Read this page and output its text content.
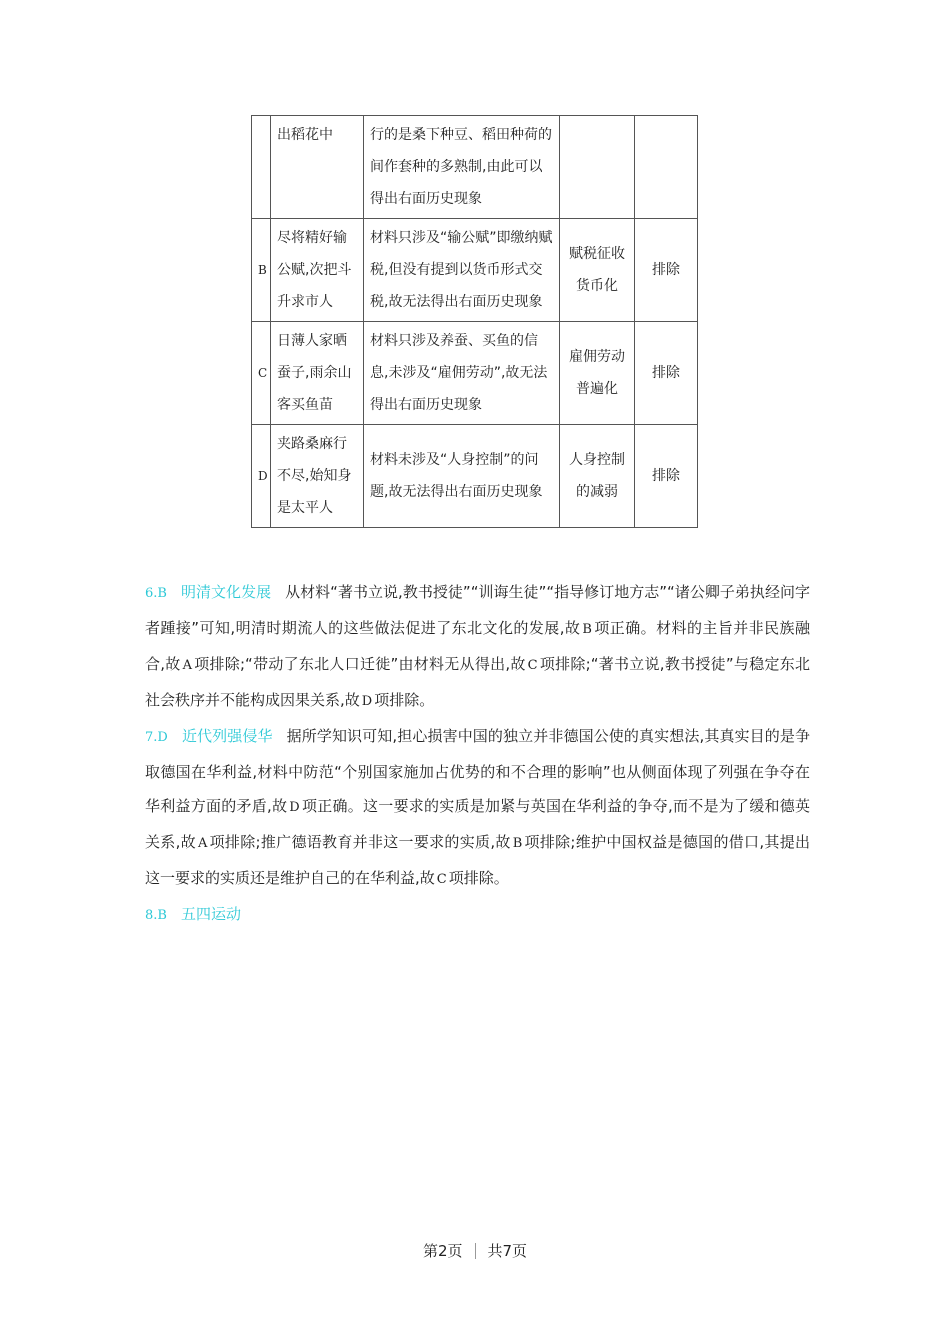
	出稻花中	行的是桑下种豆、稻田种荷的间作套种的多熟制,由此可以得出右面历史现象		
B	尽将精好输公赋,次把斗升求市人	材料只涉及“输公赋”即缴纳赋税,但没有提到以货币形式交税,故无法得出右面历史现象	赋税征收货币化	排除
C	日薄人家晒蚕子,雨余山客买鱼苗	材料只涉及养蚕、买鱼的信息,未涉及“雇佣劳动”,故无法得出右面历史现象	雇佣劳动普遍化	排除
D	夹路桑麻行不尽,始知身是太平人	材料未涉及“人身控制”的问题,故无法得出右面历史现象	人身控制的减弱	排除

6.B 明清文化发展 从材料“著书立说,教书授徒”“训诲生徒”“指导修订地方志”“诸公卿子弟执经问字者踵接”可知,明清时期流人的这些做法促进了东北文化的发展,故 B 项正确。材料的主旨并非民族融合,故 A 项排除;“带动了东北人口迁徙”由材料无从得出,故 C 项排除;“著书立说,教书授徒”与稳定东北社会秩序并不能构成因果关系,故 D 项排除。

7.D 近代列强侵华 据所学知识可知,担心损害中国的独立并非德国公使的真实想法,其真实目的是争取德国在华利益,材料中防范“个别国家施加占优势的和不合理的影响”也从侧面体现了列强在争夺在华利益方面的矛盾,故 D 项正确。这一要求的实质是加紧与英国在华利益的争夺,而不是为了缓和德英关系,故 A 项排除;推广德语教育并非这一要求的实质,故 B 项排除;维护中国权益是德国的借口,其提出这一要求的实质还是维护自己的在华利益,故 C 项排除。

8.B 五四运动

第2页 共7页
